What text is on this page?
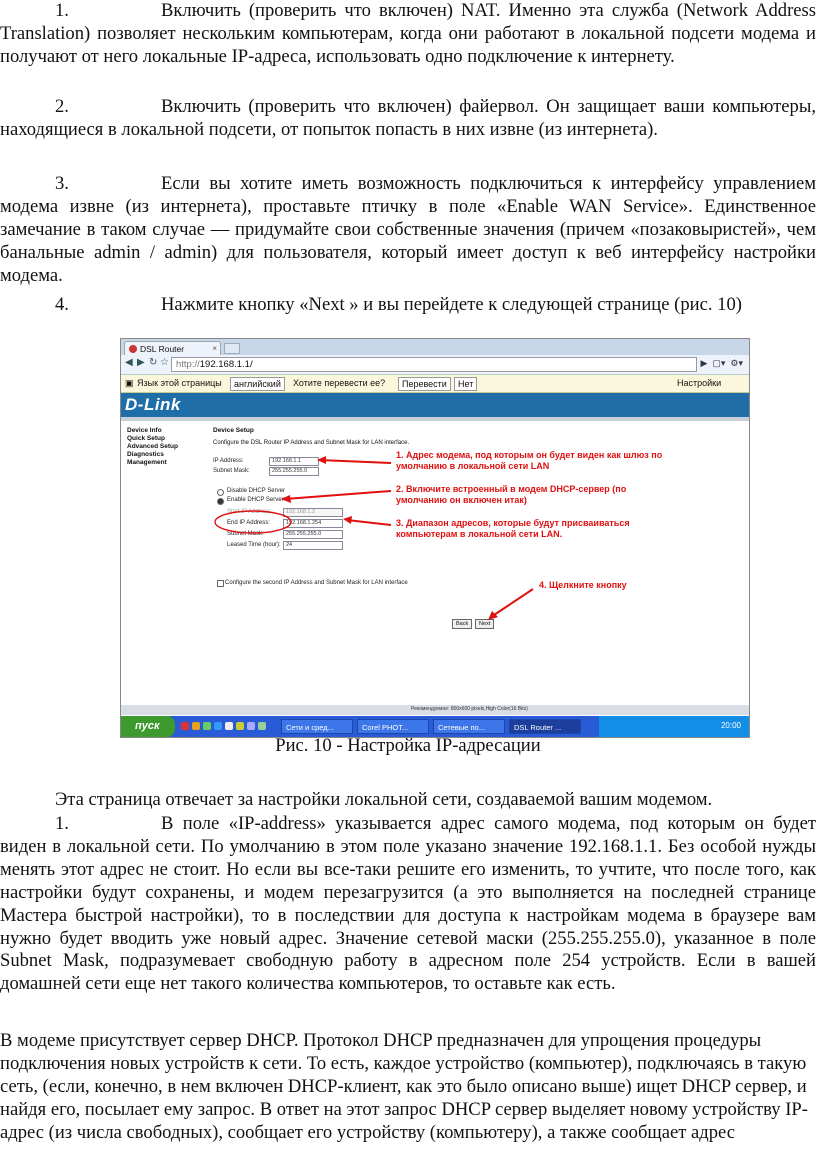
1.	Включить (проверить что включен) NAT. Именно эта служба (Network Address Translation) позволяет нескольким компьютерам, когда они работают в локальной подсети модема и получают от него локальные IP-адреса, использовать одно подключение к интернету.
2.	Включить (проверить что включен) файервол. Он защищает ваши компьютеры, находящиеся в локальной подсети, от попыток попасть в них извне (из интернета).
3.	Если вы хотите иметь возможность подключиться к интерфейсу управлением модема извне (из интернета), проставьте птичку в поле «Enable WAN Service». Единственное замечание в таком случае — придумайте свои собственные значения (причем «позаковыристей», чем банальные admin / admin) для пользователя, который имеет доступ к веб интерфейсу настройки модема.
4.	Нажмите кнопку «Next » и вы перейдете к следующей странице (рис. 10)
DSL Router	×
◀ ▶ ↻ ☆ http://192.168.1.1/	▶  ▢▾  ⚙▾
▣ Язык этой страницы	английский	Хотите перевести ее?	Перевести	Нет	Настройки
D-Link
Device Info
Quick Setup
Advanced Setup
Diagnostics
Management
Device Setup
Configure the DSL Router IP Address and Subnet Mask for LAN interface.
IP Address:	192.168.1.1
Subnet Mask:	255.255.255.0
Disable DHCP Server
Enable DHCP Server
Start IP Address:	192.168.1.2
End IP Address:	192.168.1.254
Subnet Mask:	255.255.255.0
Leased Time (hour): 24
Configure the second IP Address and Subnet Mask for LAN interface
Back	Next
1. Адрес модема, под которым он будет виден как шлюз по умолчанию в локальной сети LAN
2. Включите встроенный в модем DHCP-сервер (по умолчанию он включен итак)
3. Диапазон адресов, которые будут присваиваться компьютерам в локальной сети LAN.
4. Щелкните кнопку
Рекомендуемое: 800x600 pixels,High Color(16 Bits)
пуск	Сети и сред...	Corel PHOT...	Сетевые по...	DSL Router ...	20:00
Рис. 10 - Настройка IP-адресации
Эта страница отвечает за настройки локальной сети, создаваемой вашим модемом.
1.	В поле «IP-address» указывается адрес самого модема, под которым он будет виден в локальной сети. По умолчанию в этом поле указано значение 192.168.1.1. Без особой нужды менять этот адрес не стоит. Но если вы все-таки решите его изменить, то учтите, что после того, как настройки будут сохранены, и модем перезагрузится (а это выполняется на последней странице Мастера быстрой настройки), то в последствии для доступа к настройкам модема в браузере вам нужно будет вводить уже новый адрес. Значение сетевой маски (255.255.255.0), указанное в поле Subnet Mask, подразумевает свободную работу в адресном поле 254 устройств. Если в вашей домашней сети еще нет такого количества компьютеров, то оставьте как есть.
В модеме присутствует сервер DHCP. Протокол DHCP предназначен для упрощения процедуры подключения новых устройств к сети. То есть, каждое устройство (компьютер), подключаясь в такую сеть, (если, конечно, в нем включен DHCP-клиент, как это было описано выше) ищет DHCP сервер, и найдя его, посылает ему запрос. В ответ на этот запрос DHCP сервер выделяет новому устройству IP-адрес (из числа свободных), сообщает его устройству (компьютеру), а также сообщает адрес
